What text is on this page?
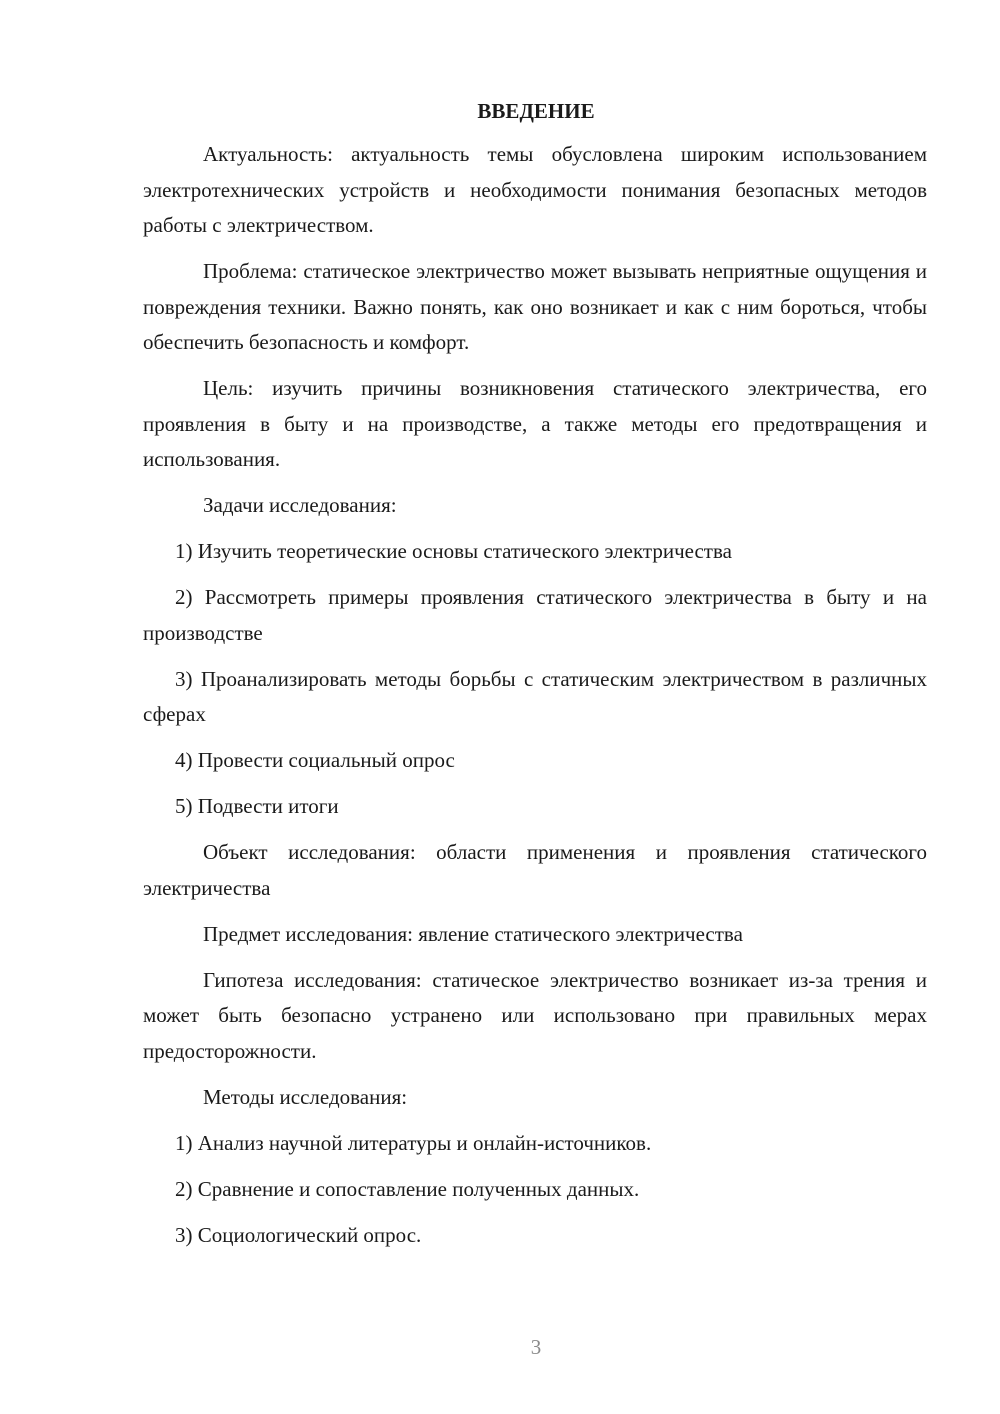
ВВЕДЕНИЕ

Актуальность: актуальность темы обусловлена широким использованием электротехнических устройств и необходимости понимания безопасных методов работы с электричеством.

Проблема: статическое электричество может вызывать неприятные ощущения и повреждения техники. Важно понять, как оно возникает и как с ним бороться, чтобы обеспечить безопасность и комфорт.

Цель: изучить причины возникновения статического электричества, его проявления в быту и на производстве, а также методы его предотвращения и использования.

Задачи исследования:

1) Изучить теоретические основы статического электричества

2) Рассмотреть примеры проявления статического электричества в быту и на производстве

3) Проанализировать методы борьбы с статическим электричеством в различных сферах

4) Провести социальный опрос

5) Подвести итоги

Объект исследования: области применения и проявления статического электричества

Предмет исследования: явление статического электричества

Гипотеза исследования: статическое электричество возникает из-за трения и может быть безопасно устранено или использовано при правильных мерах предосторожности.

Методы исследования:

1) Анализ научной литературы и онлайн-источников.

2) Сравнение и сопоставление полученных данных.

3) Социологический опрос.

3
